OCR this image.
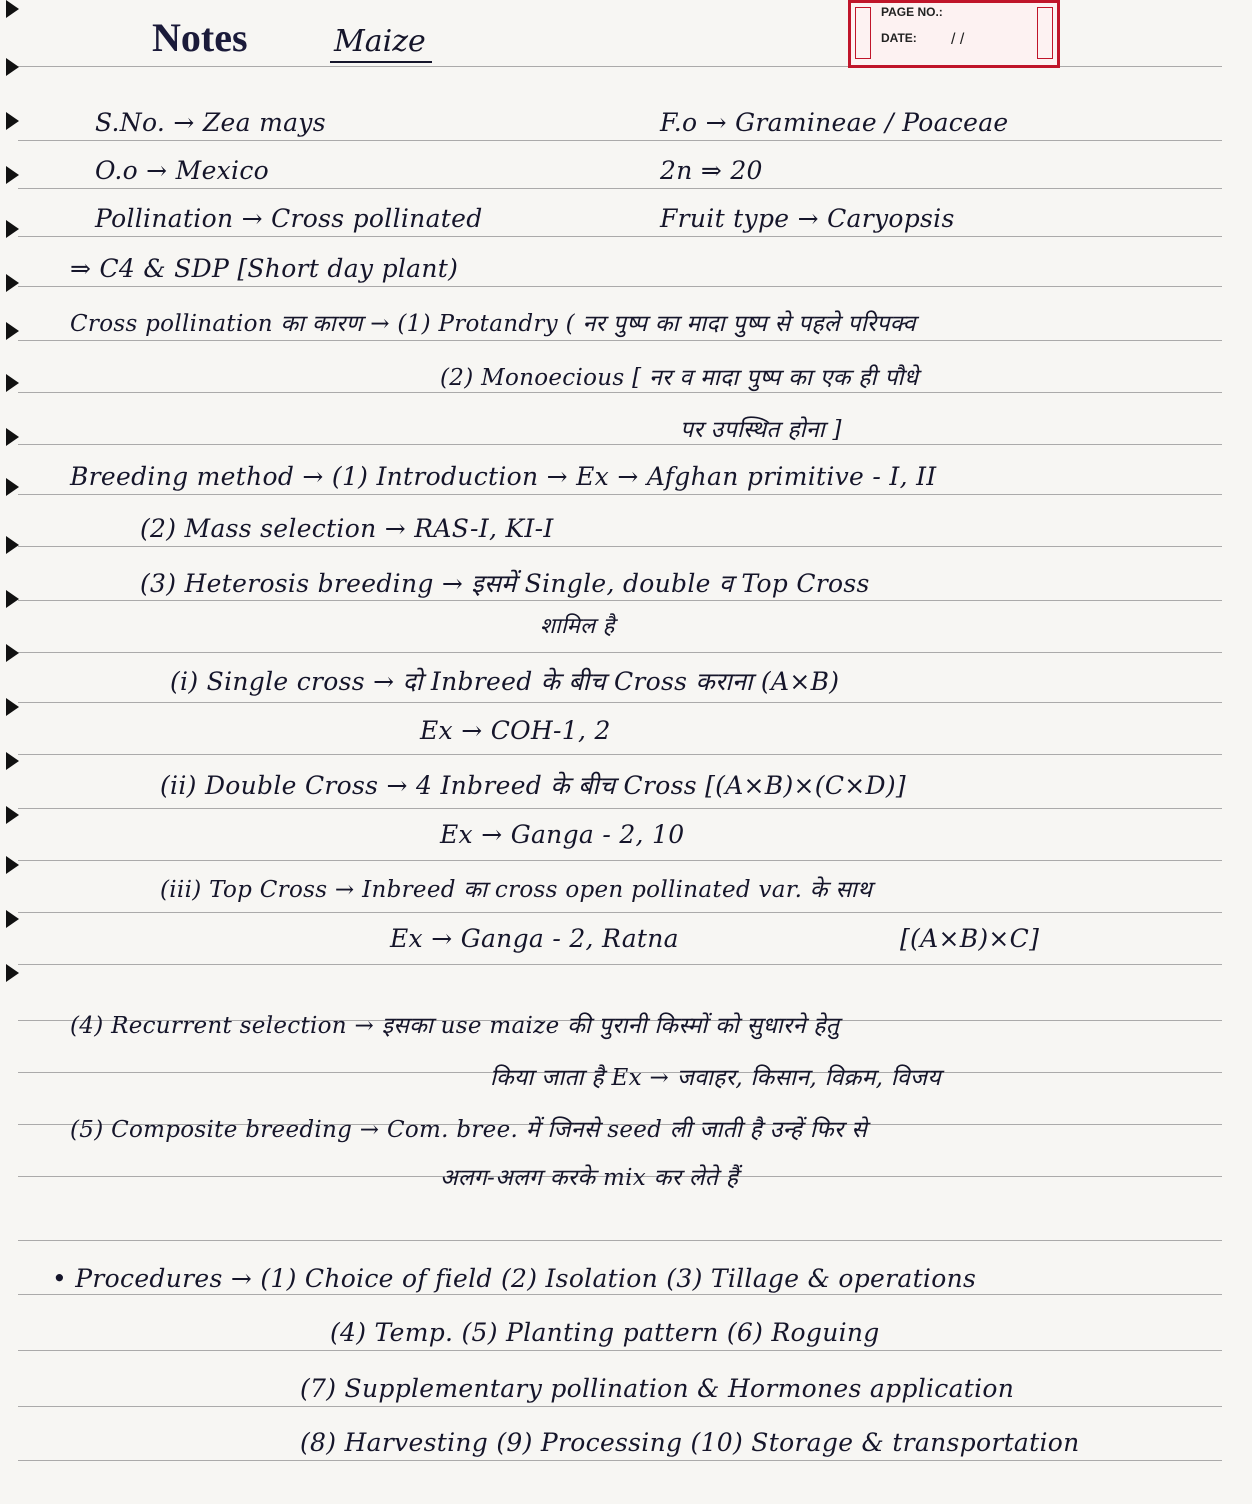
Notes	Maize
PAGE NO.:
DATE: / /
S.No. → Zea mays	F.o → Gramineae / Poaceae
O.o → Mexico	2n ⇒ 20
Pollination → Cross pollinated	Fruit type → Caryopsis
⇒ C4 & SDP [Short day plant)
Cross pollination का कारण → (1) Protandry ( नर पुष्प का मादा पुष्प से पहले परिपक्व
(2) Monoecious [ नर व मादा पुष्प का एक ही पौधे
पर उपस्थित होना ]
Breeding method → (1) Introduction → Ex → Afghan primitive - I, II
(2) Mass selection → RAS-I, KI-I
(3) Heterosis breeding → इसमें Single, double व Top Cross
शामिल है
(i) Single cross → दो Inbreed के बीच Cross कराना (A×B)
Ex → COH-1, 2
(ii) Double Cross → 4 Inbreed के बीच Cross [(A×B)×(C×D)]
Ex → Ganga - 2, 10
(iii) Top Cross → Inbreed का cross open pollinated var. के साथ
Ex → Ganga - 2, Ratna	[(A×B)×C]
(4) Recurrent selection → इसका use maize की पुरानी किस्मों को सुधारने हेतु
किया जाता है Ex → जवाहर, किसान, विक्रम, विजय
(5) Composite breeding → Com. bree. में जिनसे seed ली जाती है उन्हें फिर से
अलग-अलग करके mix कर लेते हैं
• Procedures → (1) Choice of field (2) Isolation (3) Tillage & operations
(4) Temp. (5) Planting pattern (6) Roguing
(7) Supplementary pollination & Hormones application
(8) Harvesting (9) Processing (10) Storage & transportation
